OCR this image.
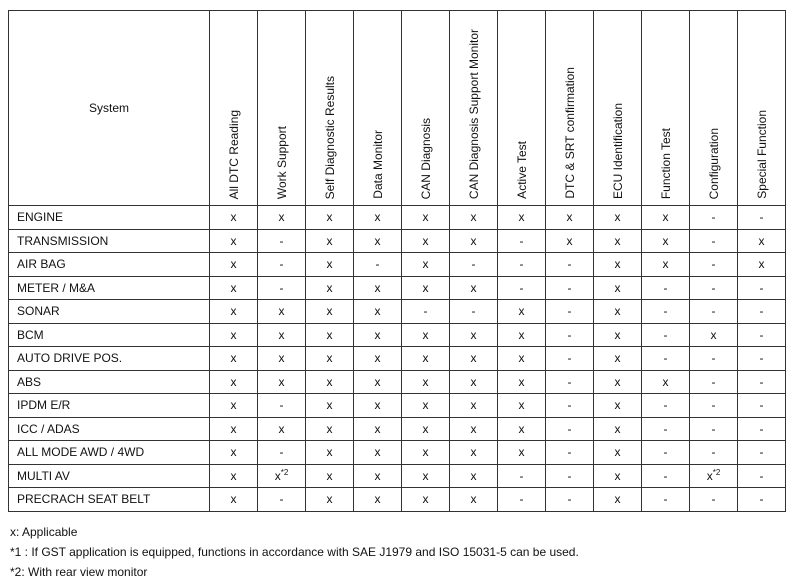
System	All DTC Reading	Work Support	Self Diagnostic Results	Data Monitor	CAN Diagnosis	CAN Diagnosis Support Monitor	Active Test	DTC & SRT confirmation	ECU Identification	Function Test	Configuration	Special Function

ENGINE	x	x	x	x	x	x	x	x	x	x	-	-
TRANSMISSION	x	-	x	x	x	x	-	x	x	x	-	x
AIR BAG	x	-	x	-	x	-	-	-	x	x	-	x
METER / M&A	x	-	x	x	x	x	-	-	x	-	-	-
SONAR	x	x	x	x	-	-	x	-	x	-	-	-
BCM	x	x	x	x	x	x	x	-	x	-	x	-
AUTO DRIVE POS.	x	x	x	x	x	x	x	-	x	-	-	-
ABS	x	x	x	x	x	x	x	-	x	x	-	-
IPDM E/R	x	-	x	x	x	x	x	-	x	-	-	-
ICC / ADAS	x	x	x	x	x	x	x	-	x	-	-	-
ALL MODE AWD / 4WD	x	-	x	x	x	x	x	-	x	-	-	-
MULTI AV	x	$x^{*2}$	x	x	x	x	-	-	x	-	$x^{*2}$	-
PRECRACH SEAT BELT	x	-	x	x	x	x	-	-	x	-	-	-
x: Applicable
*1 : If GST application is equipped, functions in accordance with SAE J1979 and ISO 15031-5 can be used.
*2: With rear view monitor
